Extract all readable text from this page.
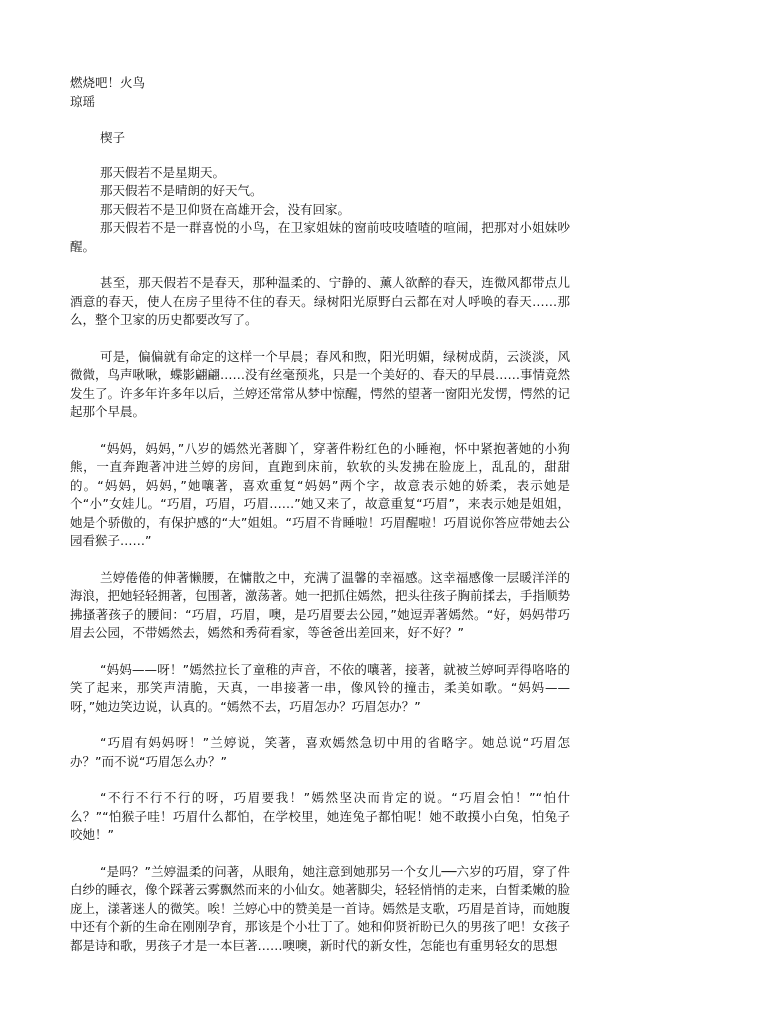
燃烧吧！火鸟
琼瑶
楔子

那天假若不是星期天。

那天假若不是晴朗的好天气。

那天假若不是卫仰贤在高雄开会，没有回家。

那天假若不是一群喜悦的小鸟，在卫家姐妹的窗前吱吱喳喳的喧闹，把那对小姐妹吵醒。

甚至，那天假若不是春天，那种温柔的、宁静的、薰人欲醉的春天，连微风都带点儿酒意的春天，使人在房子里待不住的春天。绿树阳光原野白云都在对人呼唤的春天……那么，整个卫家的历史都要改写了。

可是，偏偏就有命定的这样一个早晨；春风和煦，阳光明媚，绿树成荫，云淡淡，风微微，鸟声啾啾，蝶影翩翩……没有丝毫预兆，只是一个美好的、春天的早晨……事情竟然发生了。许多年许多年以后，兰婷还常常从梦中惊醒，愕然的望著一窗阳光发愣，愕然的记起那个早晨。

“妈妈，妈妈，”八岁的嫣然光著脚丫，穿著件粉红色的小睡袍，怀中紧抱著她的小狗熊，一直奔跑著冲进兰婷的房间，直跑到床前，软软的头发拂在脸庞上，乱乱的，甜甜的。“妈妈，妈妈，”她嚷著，喜欢重复“妈妈”两个字，故意表示她的娇柔，表示她是个“小”女娃儿。“巧眉，巧眉，巧眉……”她又来了，故意重复“巧眉”，来表示她是姐姐，她是个骄傲的，有保护感的“大”姐姐。“巧眉不肯睡啦！巧眉醒啦！巧眉说你答应带她去公园看猴子……”

兰婷倦倦的伸著懒腰，在慵散之中，充满了温馨的幸福感。这幸福感像一层暖洋洋的海浪，把她轻轻拥著，包围著，激荡著。她一把抓住嫣然，把头往孩子胸前揉去，手指顺势拂搔著孩子的腰间：“巧眉，巧眉，噢，是巧眉要去公园，”她逗弄著嫣然。“好，妈妈带巧眉去公园，不带嫣然去，嫣然和秀荷看家，等爸爸出差回来，好不好？”

“妈妈——呀！”嫣然拉长了童稚的声音，不依的嚷著，接著，就被兰婷呵弄得咯咯的笑了起来，那笑声清脆，天真，一串接著一串，像风铃的撞击，柔美如歌。“妈妈——呀，”她边笑边说，认真的。“嫣然不去，巧眉怎办？巧眉怎办？”

“巧眉有妈妈呀！”兰婷说，笑著，喜欢嫣然急切中用的省略字。她总说“巧眉怎办？”而不说“巧眉怎么办？”

“不行不行不行的呀，巧眉要我！”嫣然坚决而肯定的说。“巧眉会怕！”“怕什么？”“怕猴子哇！巧眉什么都怕，在学校里，她连兔子都怕呢！她不敢摸小白兔，怕兔子咬她！”

“是吗？”兰婷温柔的问著，从眼角，她注意到她那另一个女儿──六岁的巧眉，穿了件白纱的睡衣，像个踩著云雾飘然而来的小仙女。她著脚尖，轻轻悄悄的走来，白皙柔嫩的脸庞上，漾著迷人的微笑。唉！兰婷心中的赞美是一首诗。嫣然是支歌，巧眉是首诗，而她腹中还有个新的生命在刚刚孕育，那该是个小壮丁了。她和仰贤祈盼已久的男孩了吧！女孩子都是诗和歌，男孩子才是一本巨著……噢噢，新时代的新女性，怎能也有重男轻女的思想
